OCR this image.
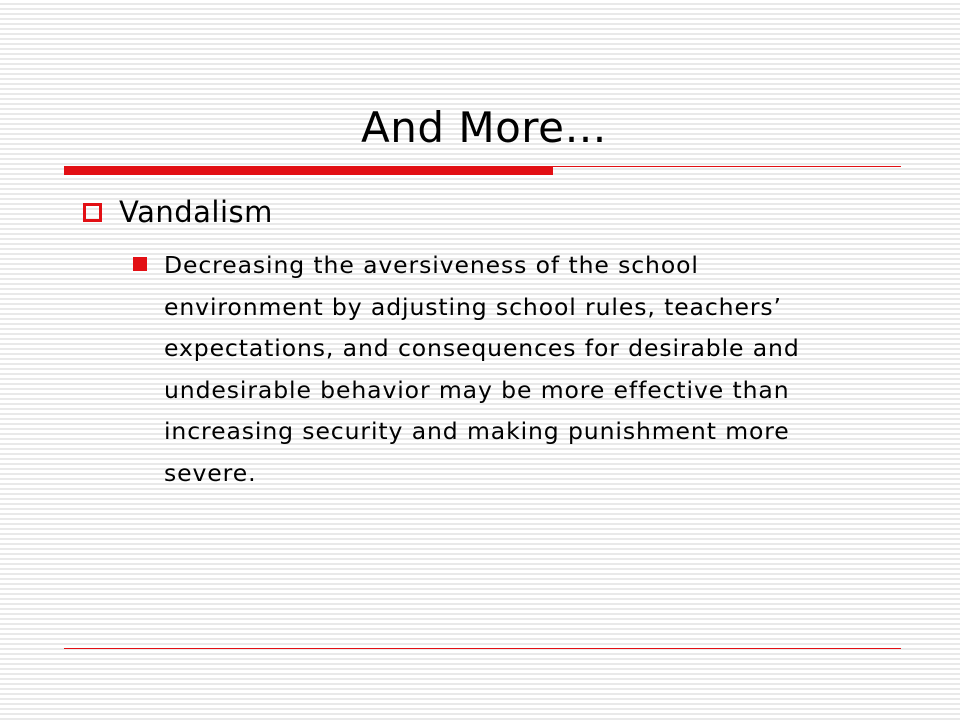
And More…
Vandalism

Decreasing the aversiveness of the school environment by adjusting school rules, teachers’ expectations, and consequences for desirable and undesirable behavior may be more effective than increasing security and making punishment more severe.
